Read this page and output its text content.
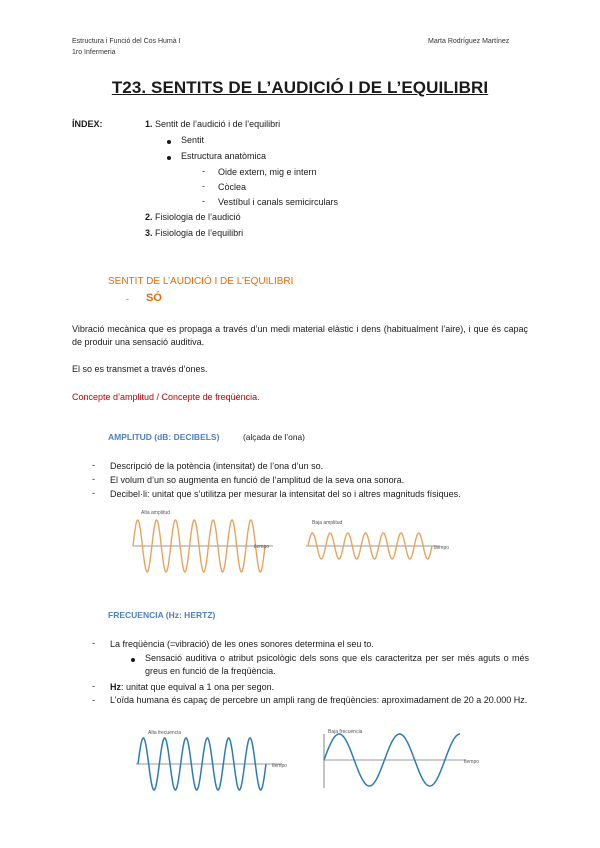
Estructura i Funció del Cos Humà I
1ro Infermeria
Marta Rodríguez Martínez
T23. SENTITS DE L’AUDICIÓ I DE L’EQUILIBRI
ÍNDEX:	1. Sentit de l’audició i de l’equilibri
Sentit
Estructura anatòmica
- Oide extern, mig e intern
- Còclea
- Vestíbul i canals semicirculars
2. Fisiologia de l’audició
3. Fisiologia de l’equilibri
SENTIT DE L’AUDICIÓ I DE L’EQUILIBRI
- SÓ
Vibració mecànica que es propaga a través d’un medi material elàstic i dens (habitualment l’aire), i que és capaç de produir una sensació auditiva.
El so es transmet a través d’ones.
Concepte d’amplitud / Concepte de freqüència.
AMPLITUD (dB: DECIBELS)	(alçada de l’ona)
- Descripció de la potència (intensitat) de l’ona d’un so.
- El volum d’un so augmenta en funció de l’amplitud de la seva ona sonora.
- Decibel·li: unitat que s’utilitza per mesurar la intensitat del so i altres magnituds físiques.
Alta amplitud
tiempo
Baja amplitud
tiempo
FRECUENCIA (Hz: HERTZ)
- La freqüència (=vibració) de les ones sonores determina el seu to.
Sensació auditiva o atribut psicològic dels sons que els caracteritza per ser més aguts o més greus en funció de la freqüència.
- Hz: unitat que equival a 1 ona per segon.
- L’oïda humana és capaç de percebre un ampli rang de freqüències: aproximadament de 20 a 20.000 Hz.
Alta frecuencia
tiempo
Baja frecuencia
tiempo
